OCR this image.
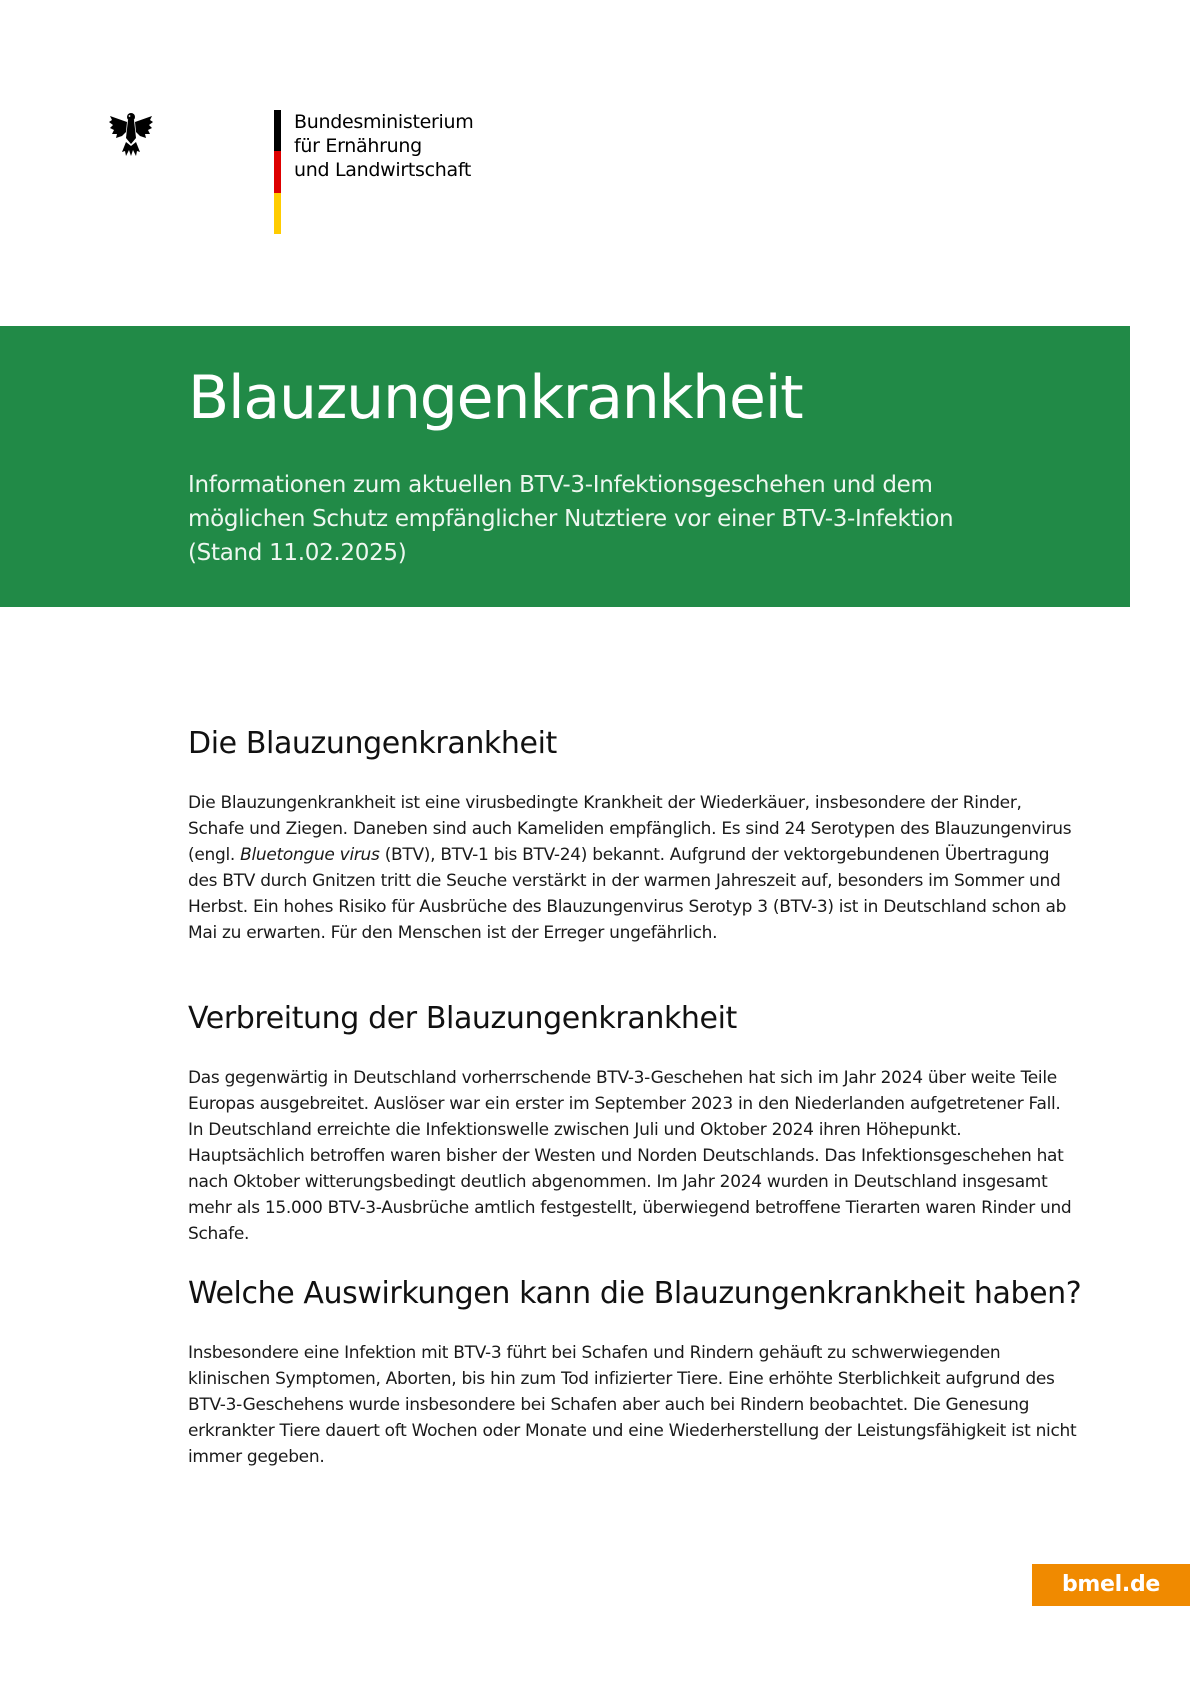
Bundesministerium
für Ernährung
und Landwirtschaft
Blauzungenkrankheit

Informationen zum aktuellen BTV-3-Infektionsgeschehen und dem möglichen Schutz empfänglicher Nutztiere vor einer BTV-3-Infektion (Stand 11.02.2025)

Die Blauzungenkrankheit

Die Blauzungenkrankheit ist eine virusbedingte Krankheit der Wiederkäuer, insbesondere der Rinder, Schafe und Ziegen. Daneben sind auch Kameliden empfänglich. Es sind 24 Serotypen des Blauzungenvirus (engl. Bluetongue virus (BTV), BTV-1 bis BTV-24) bekannt. Aufgrund der vektorgebundenen Übertragung des BTV durch Gnitzen tritt die Seuche verstärkt in der warmen Jahreszeit auf, besonders im Sommer und Herbst. Ein hohes Risiko für Ausbrüche des Blauzungenvirus Serotyp 3 (BTV-3) ist in Deutschland schon ab Mai zu erwarten. Für den Menschen ist der Erreger ungefährlich.

Verbreitung der Blauzungenkrankheit

Das gegenwärtig in Deutschland vorherrschende BTV-3-Geschehen hat sich im Jahr 2024 über weite Teile Europas ausgebreitet. Auslöser war ein erster im September 2023 in den Niederlanden aufgetretener Fall. In Deutschland erreichte die Infektionswelle zwischen Juli und Oktober 2024 ihren Höhepunkt. Hauptsächlich betroffen waren bisher der Westen und Norden Deutschlands. Das Infektionsgeschehen hat nach Oktober witterungsbedingt deutlich abgenommen. Im Jahr 2024 wurden in Deutschland insgesamt mehr als 15.000 BTV-3-Ausbrüche amtlich festgestellt, überwiegend betroffene Tierarten waren Rinder und Schafe.

Welche Auswirkungen kann die Blauzungenkrankheit haben?

Insbesondere eine Infektion mit BTV-3 führt bei Schafen und Rindern gehäuft zu schwerwiegenden klinischen Symptomen, Aborten, bis hin zum Tod infizierter Tiere. Eine erhöhte Sterblichkeit aufgrund des BTV-3-Geschehens wurde insbesondere bei Schafen aber auch bei Rindern beobachtet. Die Genesung erkrankter Tiere dauert oft Wochen oder Monate und eine Wiederherstellung der Leistungsfähigkeit ist nicht immer gegeben.

bmel.de
